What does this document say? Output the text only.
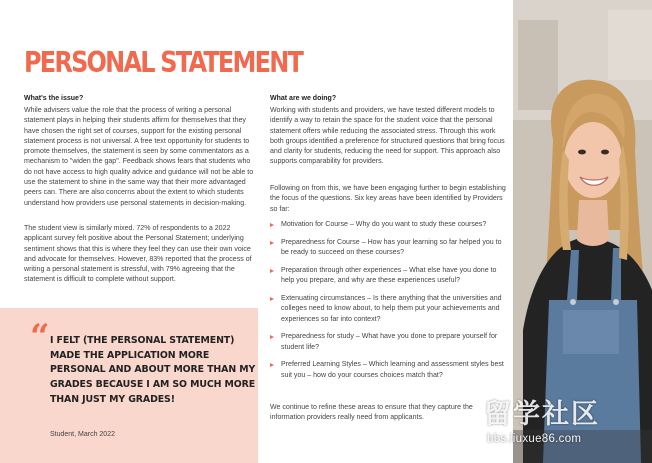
PERSONAL STATEMENT
What's the issue?

While advisers value the role that the process of writing a personal statement plays in helping their students affirm for themselves that they have chosen the right set of courses, support for the existing personal statement process is not universal. A free text opportunity for students to promote themselves, the statement is seen by some commentators as a mechanism to "widen the gap". Feedback shows fears that students who do not have access to high quality advice and guidance will not be able to use the statement to shine in the same way that their more advantaged peers can. There are also concerns about the extent to which students understand how providers use personal statements in decision-making.

The student view is similarly mixed. 72% of respondents to a 2022 applicant survey felt positive about the Personal Statement; underlying sentiment shows that this is where they feel they can use their own voice and advocate for themselves. However, 83% reported that the process of writing a personal statement is stressful, with 79% agreeing that the statement is difficult to complete without support.

“ I FELT (THE PERSONAL STATEMENT) MADE THE APPLICATION MORE PERSONAL AND ABOUT MORE THAN MY GRADES BECAUSE I AM SO MUCH MORE THAN JUST MY GRADES!

Student, March 2022

What are we doing?

Working with students and providers, we have tested different models to identify a way to retain the space for the student voice that the personal statement offers while reducing the associated stress. Through this work both groups identified a preference for structured questions that bring focus and clarity for students, reducing the need for support. This approach also supports comparability for providers.

Following on from this, we have been engaging further to begin establishing the focus of the questions. Six key areas have been identified by Providers so far:

Motivation for Course – Why do you want to study these courses?
Preparedness for Course – How has your learning so far helped you to be ready to succeed on these courses?
Preparation through other experiences – What else have you done to help you prepare, and why are these experiences useful?
Extenuating circumstances – Is there anything that the universities and colleges need to know about, to help them put your achievements and experiences so far into context?
Preparedness for study – What have you done to prepare yourself for student life?
Preferred Learning Styles – Which learning and assessment styles best suit you – how do your courses choices match that?

We continue to refine these areas to ensure that they capture the information providers really need from applicants.	留学社区

bbs.liuxue86.com
